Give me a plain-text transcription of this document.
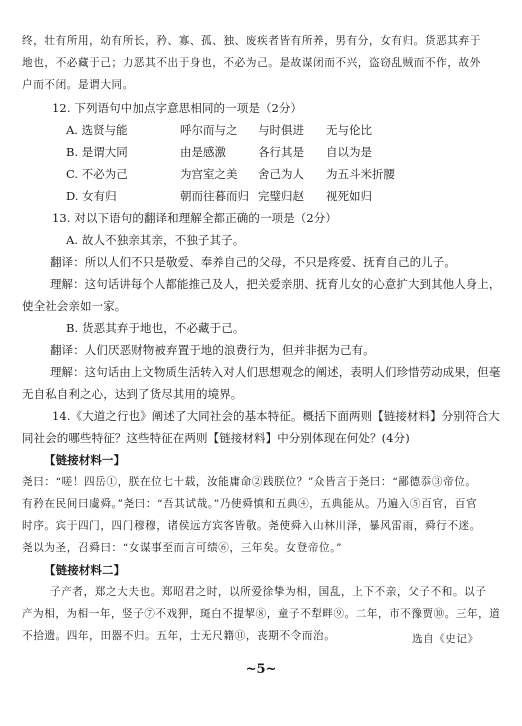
终，壮有所用，幼有所长，矜、寡、孤、独、废疾者皆有所养，男有分，女有归。货恶其弃于
地也，不必藏于己；力恶其不出于身也，不必为己。是故谋闭而不兴，盗窃乱贼而不作，故外
户而不闭。是谓大同。
12. 下列语句中加点字意思相同的一项是（2分）
A. 选贤与能	呼尔而与之 与时俱进 无与伦比
B. 是谓大同	由是感激	各行其是 自以为是
C. 不必为己	为宫室之美 舍己为人 为五斗米折腰
D. 女有归	朝而往暮而归 完璧归赵 视死如归
13. 对以下语句的翻译和理解全都正确的一项是（2分）
A. 故人不独亲其亲，不独子其子。
翻译：所以人们不只是敬爱、奉养自己的父母，不只是疼爱、抚育自己的儿子。
理解：这句话讲每个人都能推己及人，把关爱亲朋、抚育儿女的心意扩大到其他人身上，
使全社会亲如一家。
B. 货恶其弃于地也，不必藏于己。
翻译：人们厌恶财物被弃置于地的浪费行为，但并非据为己有。
理解：这句话由上文物质生活转入对人们思想观念的阐述，表明人们珍惜劳动成果，但毫
无自私自利之心，达到了货尽其用的境界。
14.《大道之行也》阐述了大同社会的基本特征。概括下面两则【链接材料】分别符合大
同社会的哪些特征？这些特征在两则【链接材料】中分别体现在何处？(4分)
【链接材料一】
尧曰：“嗟！四岳①，朕在位七十载，汝能庸命②践朕位？”众皆言于尧曰：“鄙德忝③帝位。
有矜在民间曰虞舜。”尧曰：“吾其试哉。”乃使舜慎和五典④，五典能从。乃遍入⑤百官，百官
时序。宾于四门，四门穆穆，诸侯远方宾客皆敬。尧使舜入山林川泽，暴风雷雨，舜行不迷。
尧以为圣，召舜曰：“女谋事至而言可绩⑥，三年矣。女登帝位。”
【链接材料二】
子产者，郑之大夫也。郑昭君之时，以所爱徐挚为相，国乱，上下不亲，父子不和。以子
产为相，为相一年，竖子⑦不戏狎，斑白不提挈⑧，童子不犁畔⑨。二年，市不豫贾⑩。三年，道
不拾遗。四年，田器不归。五年，士无尺籍⑪，丧期不令而治。	选自《史记》
~5~
